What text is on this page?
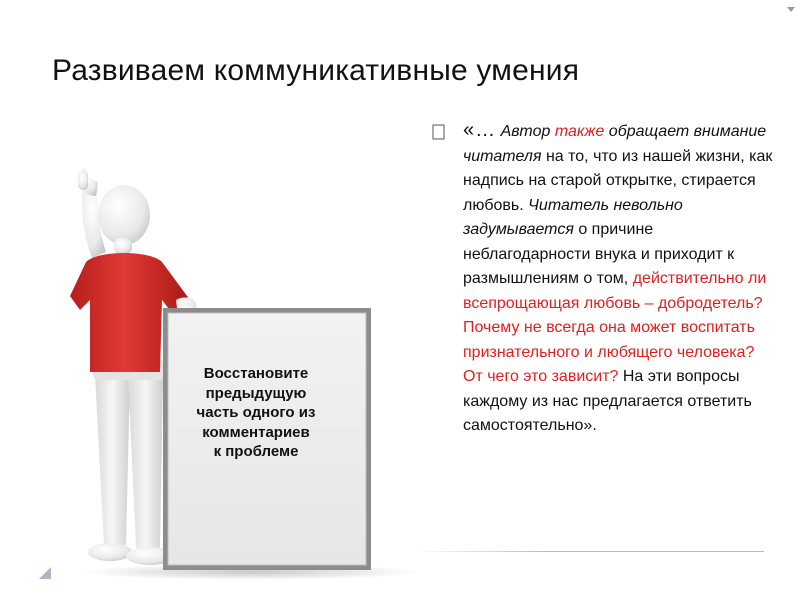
Развиваем коммуникативные умения
Восстановите
предыдущую
часть одного из
комментариев
к проблеме
«… Автор также обращает внимание читателя на то, что из нашей жизни, как надпись на старой открытке, стирается любовь. Читатель невольно задумывается о причине неблагодарности внука и приходит к размышлениям о том, действительно ли всепрощающая любовь – добродетель? Почему не всегда она может воспитать признательного и любящего человека? От чего это зависит? На эти вопросы каждому из нас предлагается ответить самостоятельно».
